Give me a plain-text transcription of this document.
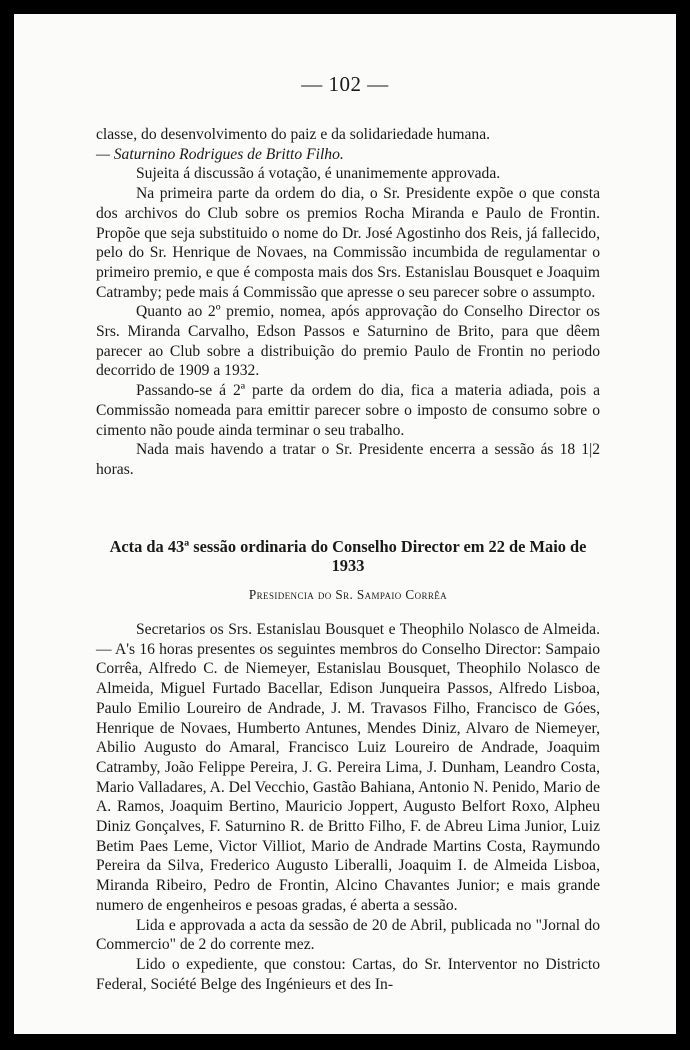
— 102 —

classe, do desenvolvimento do paiz e da solidariedade humana.

— Saturnino Rodrigues de Britto Filho.

Sujeita á discussão á votação, é unanimemente approvada.

Na primeira parte da ordem do dia, o Sr. Presidente expõe o que consta dos archivos do Club sobre os premios Rocha Miranda e Paulo de Frontin. Propõe que seja substituido o nome do Dr. José Agostinho dos Reis, já fallecido, pelo do Sr. Henrique de Novaes, na Commissão incumbida de regulamentar o primeiro premio, e que é composta mais dos Srs. Estanislau Bousquet e Joaquim Catramby; pede mais á Commissão que apresse o seu parecer sobre o assumpto.

Quanto ao 2º premio, nomea, após approvação do Conselho Director os Srs. Miranda Carvalho, Edson Passos e Saturnino de Brito, para que dêem parecer ao Club sobre a distribuição do premio Paulo de Frontin no periodo decorrido de 1909 a 1932.

Passando-se á 2ª parte da ordem do dia, fica a materia adiada, pois a Commissão nomeada para emittir parecer sobre o imposto de consumo sobre o cimento não poude ainda terminar o seu trabalho.

Nada mais havendo a tratar o Sr. Presidente encerra a sessão ás 18 1|2 horas.

Acta da 43ª sessão ordinaria do Conselho Director em 22 de Maio de 1933

Presidencia do Sr. Sampaio Corrêa

Secretarios os Srs. Estanislau Bousquet e Theophilo Nolasco de Almeida. — A's 16 horas presentes os seguintes membros do Conselho Director: Sampaio Corrêa, Alfredo C. de Niemeyer, Estanislau Bousquet, Theophilo Nolasco de Almeida, Miguel Furtado Bacellar, Edison Junqueira Passos, Alfredo Lisboa, Paulo Emilio Loureiro de Andrade, J. M. Travasos Filho, Francisco de Góes, Henrique de Novaes, Humberto Antunes, Mendes Diniz, Alvaro de Niemeyer, Abilio Augusto do Amaral, Francisco Luiz Loureiro de Andrade, Joaquim Catramby, João Felippe Pereira, J. G. Pereira Lima, J. Dunham, Leandro Costa, Mario Valladares, A. Del Vecchio, Gastão Bahiana, Antonio N. Penido, Mario de A. Ramos, Joaquim Bertino, Mauricio Joppert, Augusto Belfort Roxo, Alpheu Diniz Gonçalves, F. Saturnino R. de Britto Filho, F. de Abreu Lima Junior, Luiz Betim Paes Leme, Victor Villiot, Mario de Andrade Martins Costa, Raymundo Pereira da Silva, Frederico Augusto Liberalli, Joaquim I. de Almeida Lisboa, Miranda Ribeiro, Pedro de Frontin, Alcino Chavantes Junior; e mais grande numero de engenheiros e pesoas gradas, é aberta a sessão.

Lida e approvada a acta da sessão de 20 de Abril, publicada no "Jornal do Commercio" de 2 do corrente mez.

Lido o expediente, que constou: Cartas, do Sr. Interventor no Districto Federal, Société Belge des Ingénieurs et des In-
